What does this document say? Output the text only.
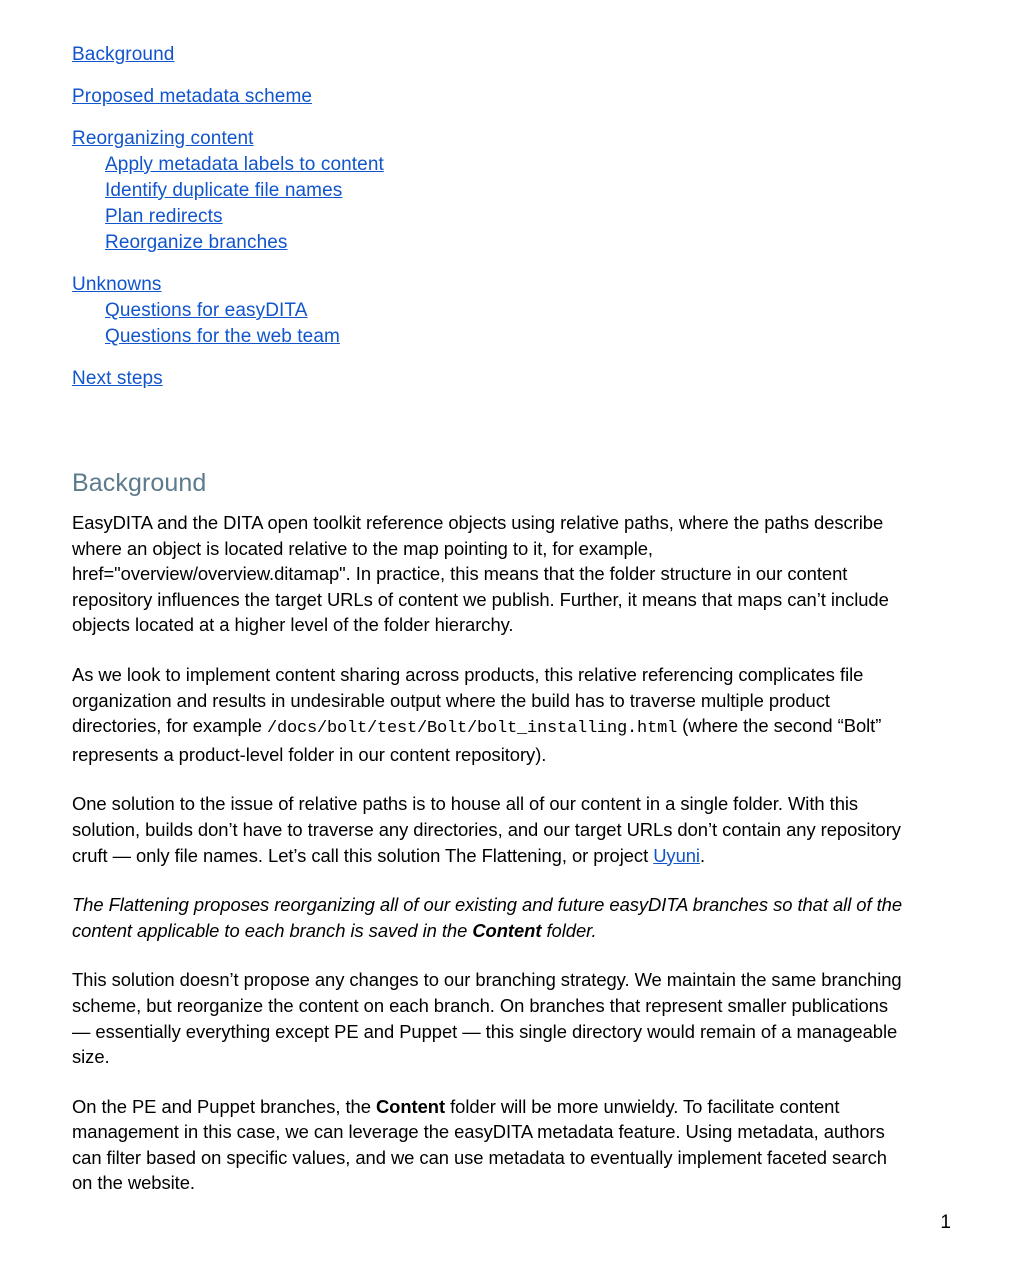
Background
Proposed metadata scheme
Reorganizing content
Apply metadata labels to content
Identify duplicate file names
Plan redirects
Reorganize branches
Unknowns
Questions for easyDITA
Questions for the web team
Next steps
Background

EasyDITA and the DITA open toolkit reference objects using relative paths, where the paths describe where an object is located relative to the map pointing to it, for example, href="overview/overview.ditamap". In practice, this means that the folder structure in our content repository influences the target URLs of content we publish. Further, it means that maps can’t include objects located at a higher level of the folder hierarchy.

As we look to implement content sharing across products, this relative referencing complicates file organization and results in undesirable output where the build has to traverse multiple product directories, for example /docs/bolt/test/Bolt/bolt_installing.html (where the second “Bolt” represents a product-level folder in our content repository).

One solution to the issue of relative paths is to house all of our content in a single folder. With this solution, builds don’t have to traverse any directories, and our target URLs don’t contain any repository cruft — only file names. Let’s call this solution The Flattening, or project Uyuni.

The Flattening proposes reorganizing all of our existing and future easyDITA branches so that all of the content applicable to each branch is saved in the Content folder.

This solution doesn’t propose any changes to our branching strategy. We maintain the same branching scheme, but reorganize the content on each branch. On branches that represent smaller publications — essentially everything except PE and Puppet — this single directory would remain of a manageable size.

On the PE and Puppet branches, the Content folder will be more unwieldy. To facilitate content management in this case, we can leverage the easyDITA metadata feature. Using metadata, authors can filter based on specific values, and we can use metadata to eventually implement faceted search on the website.

1
